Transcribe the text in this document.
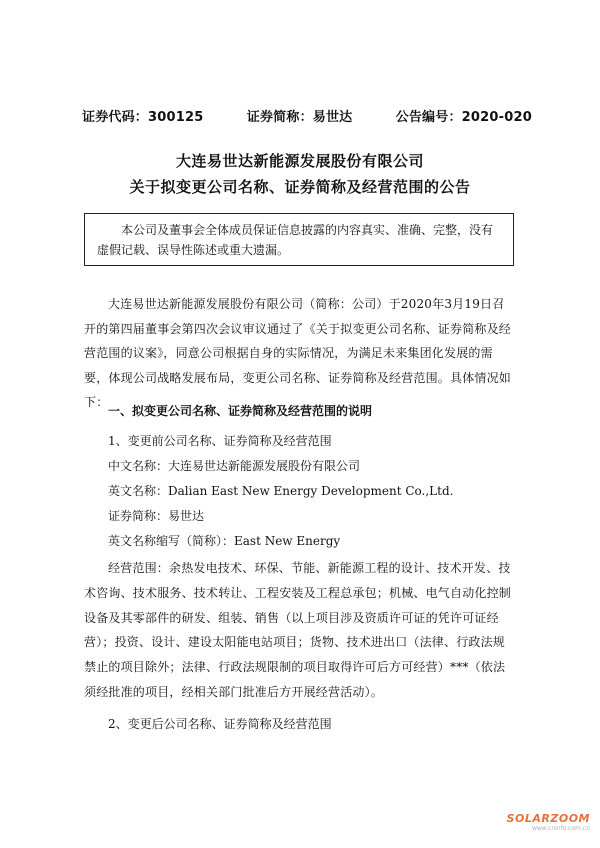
证券代码：300125	证券简称：易世达	公告编号：2020-020
大连易世达新能源发展股份有限公司
关于拟变更公司名称、证券简称及经营范围的公告
本公司及董事会全体成员保证信息披露的内容真实、准确、完整，没有虚假记载、误导性陈述或重大遗漏。
大连易世达新能源发展股份有限公司（简称：公司）于2020年3月19日召开的第四届董事会第四次会议审议通过了《关于拟变更公司名称、证券简称及经营范围的议案》，同意公司根据自身的实际情况，为满足未来集团化发展的需要，体现公司战略发展布局，变更公司名称、证券简称及经营范围。具体情况如下：
一、拟变更公司名称、证券简称及经营范围的说明
1、变更前公司名称、证券简称及经营范围
中文名称：大连易世达新能源发展股份有限公司
英文名称：Dalian East New Energy Development Co.,Ltd.
证券简称：易世达
英文名称缩写（简称）：East New Energy
经营范围：余热发电技术、环保、节能、新能源工程的设计、技术开发、技术咨询、技术服务、技术转让、工程安装及工程总承包；机械、电气自动化控制设备及其零部件的研发、组装、销售（以上项目涉及资质许可证的凭许可证经营）；投资、设计、建设太阳能电站项目；货物、技术进出口（法律、行政法规禁止的项目除外；法律、行政法规限制的项目取得许可后方可经营）***（依法须经批准的项目，经相关部门批准后方开展经营活动）。
2、变更后公司名称、证券简称及经营范围
SOLARZOOM
www.cninfo.com.cn
